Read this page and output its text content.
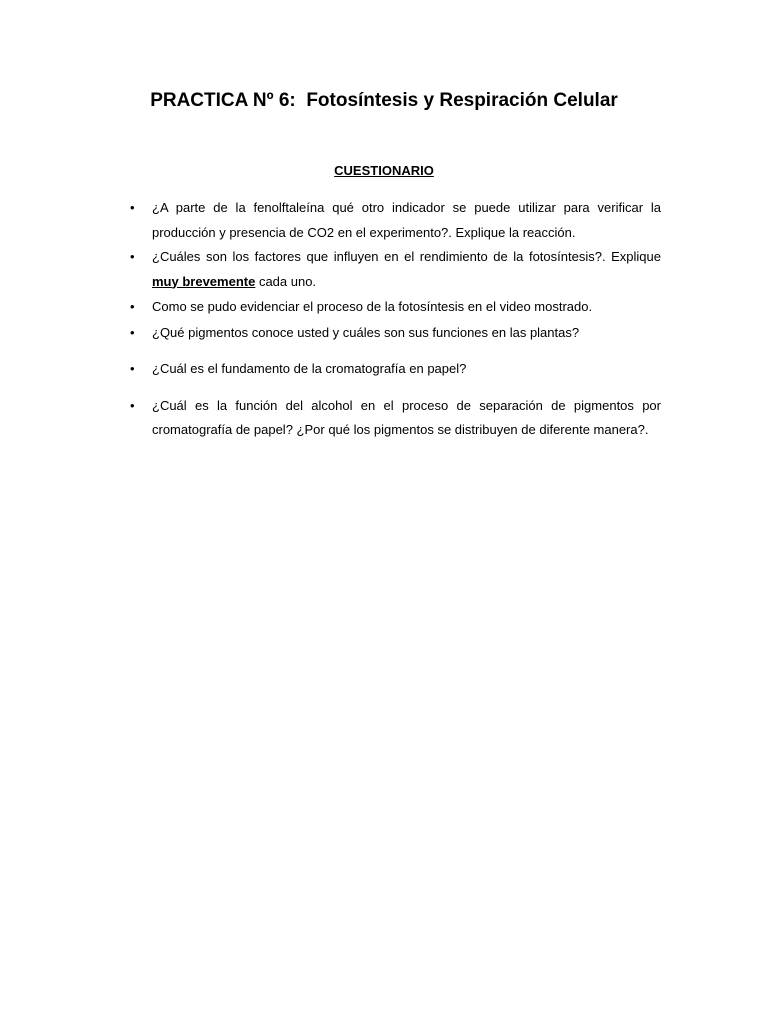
PRACTICA Nº 6:  Fotosíntesis y Respiración Celular
CUESTIONARIO
• ¿A parte de la fenolftaleína qué otro indicador se puede utilizar para verificar la producción y presencia de CO2 en el experimento?. Explique la reacción.
• ¿Cuáles son los factores que influyen en el rendimiento de la fotosíntesis?. Explique muy brevemente cada uno.
• Como se pudo evidenciar el proceso de la fotosíntesis en el video mostrado.
• ¿Qué pigmentos conoce usted y cuáles son sus funciones en las plantas?
• ¿Cuál es el fundamento de la cromatografía en papel?
• ¿Cuál es la función del alcohol en el proceso de separación de pigmentos por cromatografía de papel? ¿Por qué los pigmentos se distribuyen de diferente manera?.
